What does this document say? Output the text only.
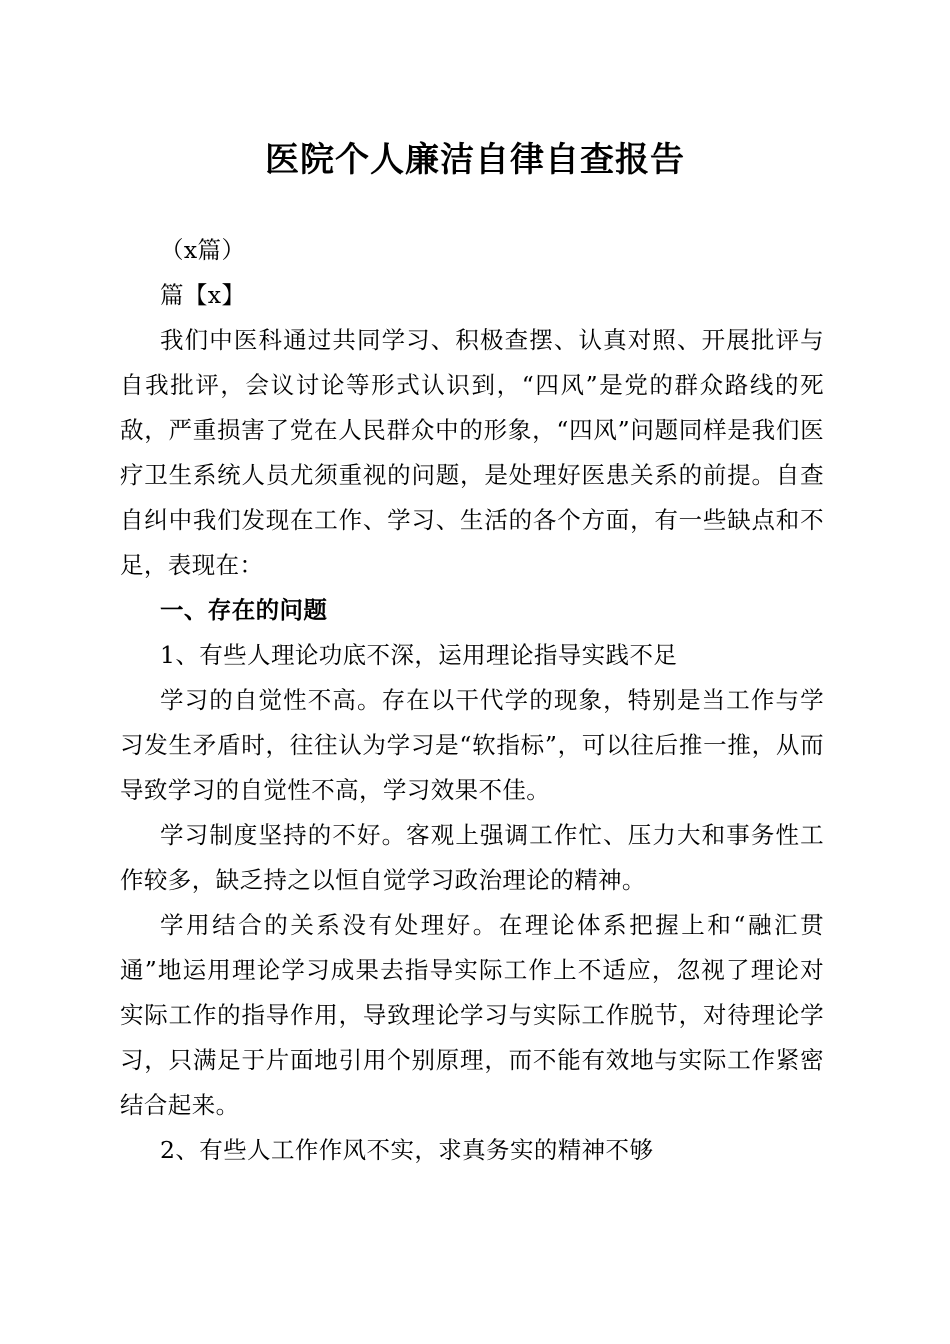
医院个人廉洁自律自查报告

（x篇）

篇【x】

我们中医科通过共同学习、积极查摆、认真对照、开展批评与自我批评，会议讨论等形式认识到，“四风”是党的群众路线的死敌，严重损害了党在人民群众中的形象，“四风”问题同样是我们医疗卫生系统人员尤须重视的问题，是处理好医患关系的前提。自查自纠中我们发现在工作、学习、生活的各个方面，有一些缺点和不足，表现在：

一、存在的问题

1、有些人理论功底不深，运用理论指导实践不足

学习的自觉性不高。存在以干代学的现象，特别是当工作与学习发生矛盾时，往往认为学习是“软指标”，可以往后推一推，从而导致学习的自觉性不高，学习效果不佳。

学习制度坚持的不好。客观上强调工作忙、压力大和事务性工作较多，缺乏持之以恒自觉学习政治理论的精神。

学用结合的关系没有处理好。在理论体系把握上和“融汇贯通”地运用理论学习成果去指导实际工作上不适应，忽视了理论对实际工作的指导作用，导致理论学习与实际工作脱节，对待理论学习，只满足于片面地引用个别原理，而不能有效地与实际工作紧密结合起来。

2、有些人工作作风不实，求真务实的精神不够
